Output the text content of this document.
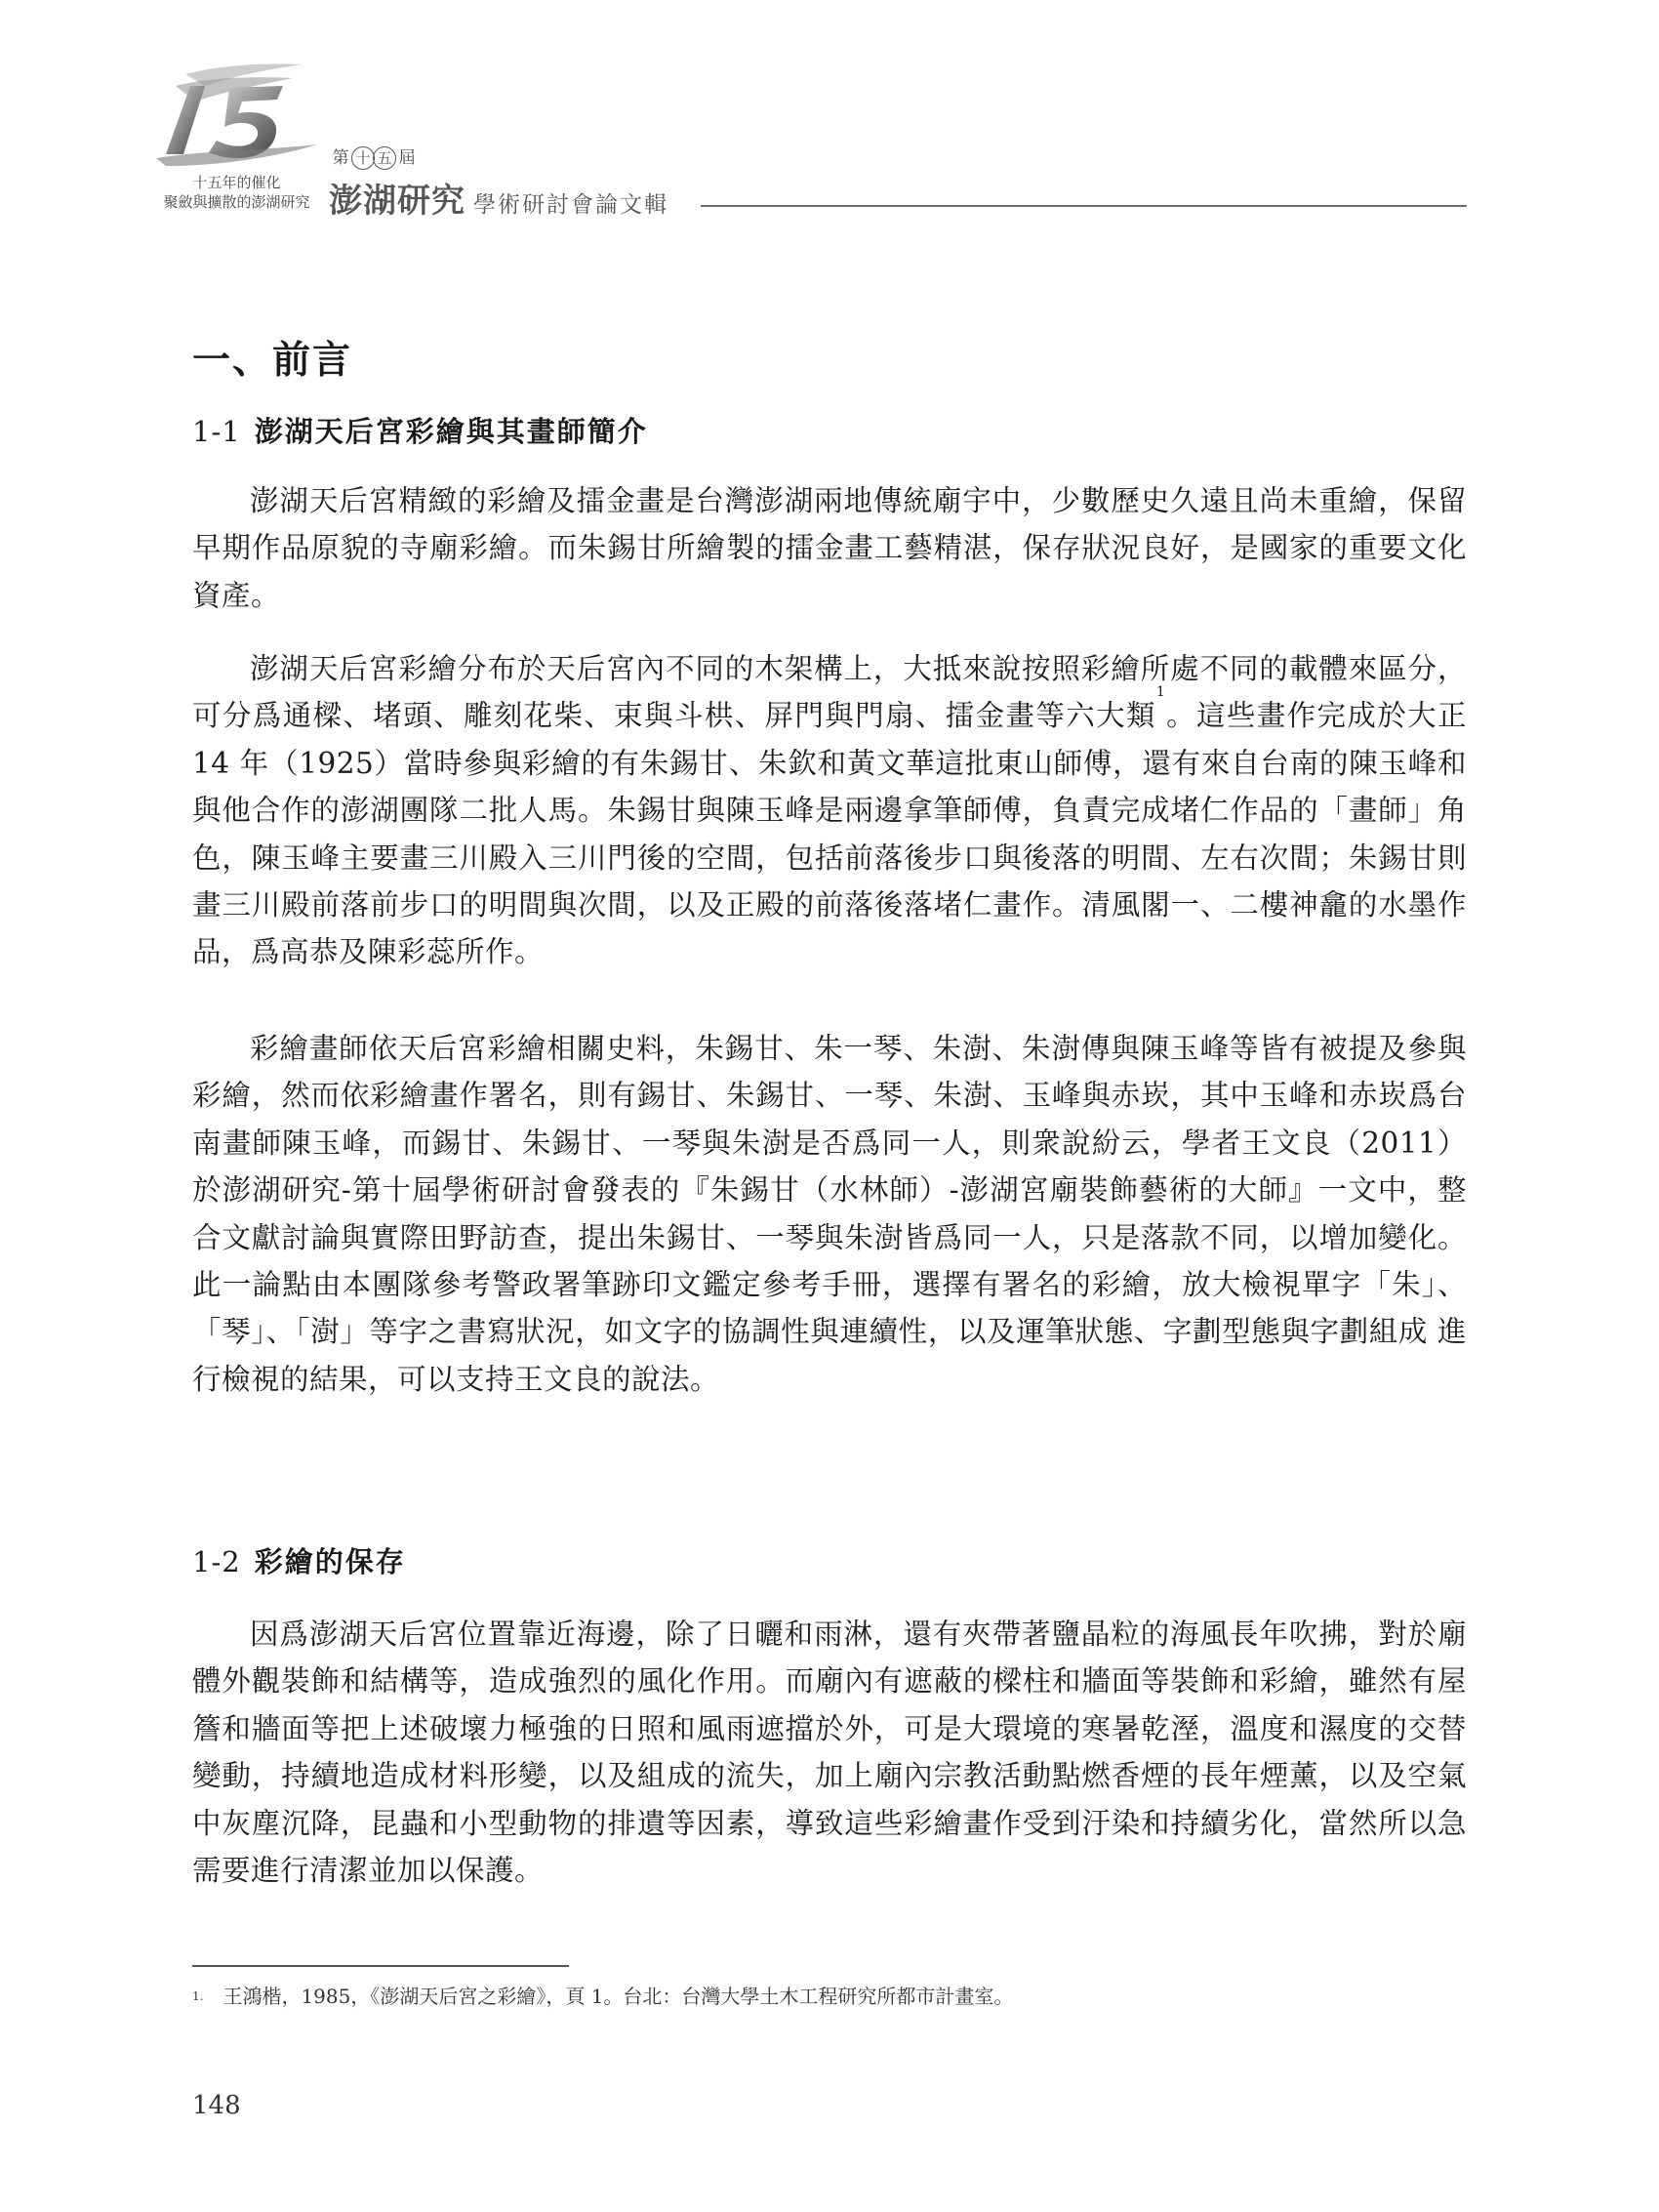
十五年的催化
聚斂與擴散的澎湖研究
第 十 五 屆
澎湖研究 學術研討會論文輯
一、前言
1-1 澎湖天后宮彩繪與其畫師簡介

澎湖天后宮精緻的彩繪及擂金畫是台灣澎湖兩地傳統廟宇中，少數歷史久遠且尚未重繪，保留早期作品原貌的寺廟彩繪。而朱錫甘所繪製的擂金畫工藝精湛，保存狀況良好，是國家的重要文化資產。

澎湖天后宮彩繪分布於天后宮內不同的木架構上，大抵來說按照彩繪所處不同的載體來區分，可分爲通樑、堵頭、雕刻花柴、束與斗栱、屏門與門扇、擂金畫等六大類$^1$。這些畫作完成於大正 14 年（1925）當時參與彩繪的有朱錫甘、朱欽和黃文華這批東山師傅，還有來自台南的陳玉峰和與他合作的澎湖團隊二批人馬。朱錫甘與陳玉峰是兩邊拿筆師傅，負責完成堵仁作品的「畫師」角色，陳玉峰主要畫三川殿入三川門後的空間，包括前落後步口與後落的明間、左右次間；朱錫甘則畫三川殿前落前步口的明間與次間，以及正殿的前落後落堵仁畫作。清風閣一、二樓神龕的水墨作品，爲高恭及陳彩蕊所作。

彩繪畫師依天后宮彩繪相關史料，朱錫甘、朱一琴、朱澍、朱澍傳與陳玉峰等皆有被提及參與彩繪，然而依彩繪畫作署名，則有錫甘、朱錫甘、一琴、朱澍、玉峰與赤崁，其中玉峰和赤崁爲台南畫師陳玉峰，而錫甘、朱錫甘、一琴與朱澍是否爲同一人，則衆說紛云，學者王文良（2011）於澎湖研究-第十屆學術研討會發表的『朱錫甘（水林師）-澎湖宮廟裝飾藝術的大師』一文中，整合文獻討論與實際田野訪查，提出朱錫甘、一琴與朱澍皆爲同一人，只是落款不同，以增加變化。此一論點由本團隊參考警政署筆跡印文鑑定參考手冊，選擇有署名的彩繪，放大檢視單字「朱」、「琴」、「澍」等字之書寫狀況，如文字的協調性與連續性，以及運筆狀態、字劃型態與字劃組成 進行檢視的結果，可以支持王文良的說法。

1-2 彩繪的保存

因爲澎湖天后宮位置靠近海邊，除了日曬和雨淋，還有夾帶著鹽晶粒的海風長年吹拂，對於廟體外觀裝飾和結構等，造成強烈的風化作用。而廟內有遮蔽的樑柱和牆面等裝飾和彩繪，雖然有屋簷和牆面等把上述破壞力極強的日照和風雨遮擋於外，可是大環境的寒暑乾溼，溫度和濕度的交替變動，持續地造成材料形變，以及組成的流失，加上廟內宗教活動點燃香煙的長年煙薰，以及空氣中灰塵沉降，昆蟲和小型動物的排遺等因素，導致這些彩繪畫作受到汙染和持續劣化，當然所以急需要進行清潔並加以保護。

$^{1.}$ 王鴻楷，1985，《澎湖天后宮之彩繪》，頁 1。台北：台灣大學土木工程研究所都市計畫室。
148
